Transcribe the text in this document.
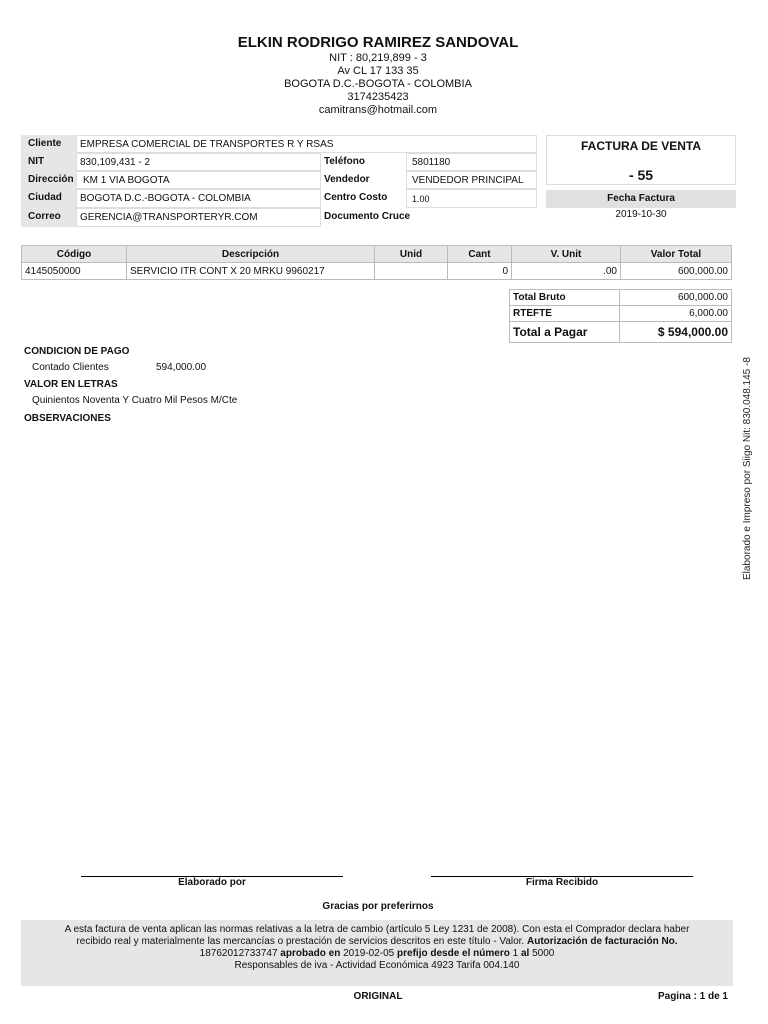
ELKIN RODRIGO RAMIREZ SANDOVAL
NIT : 80,219,899 - 3
Av CL 17 133 35
BOGOTA D.C.-BOGOTA - COLOMBIA
3174235423
camitrans@hotmail.com
Cliente	EMPRESA COMERCIAL DE TRANSPORTES R Y RSAS
NIT	830,109,431 - 2	Teléfono	5801180
Dirección KM 1 VIA BOGOTA	Vendedor	VENDEDOR PRINCIPAL
Ciudad	BOGOTA D.C.-BOGOTA - COLOMBIA	Centro Costo	1.00
Correo	GERENCIA@TRANSPORTERYR.COM	Documento Cruce
FACTURA DE VENTA
- 55
Fecha Factura
2019-10-30
Código	Descripción	Unid	Cant	V. Unit	Valor Total
4145050000	SERVICIO ITR CONT X 20 MRKU 9960217		0	.00	600,000.00
Total Bruto	600,000.00
RTEFTE	6,000.00
Total a Pagar	$ 594,000.00
CONDICION DE PAGO
Contado Clientes	594,000.00
VALOR EN LETRAS
Quinientos Noventa Y Cuatro Mil Pesos M/Cte
OBSERVACIONES	Elaborado e Impreso por Siigo Nit: 830.048.145 -8
Elaborado por	Firma Recibido
Gracias por preferirnos
A esta factura de venta aplican las normas relativas a la letra de cambio (artículo 5 Ley 1231 de 2008). Con esta el Comprador declara haber
recibido real y materialmente las mercancías o prestación de servicios descritos en este título - Valor. Autorización de facturación No.
18762012733747 aprobado en 2019-02-05 prefijo desde el número 1 al 5000
Responsables de iva - Actividad Económica 4923 Tarifa 004.140
ORIGINAL	Pagina : 1 de 1
